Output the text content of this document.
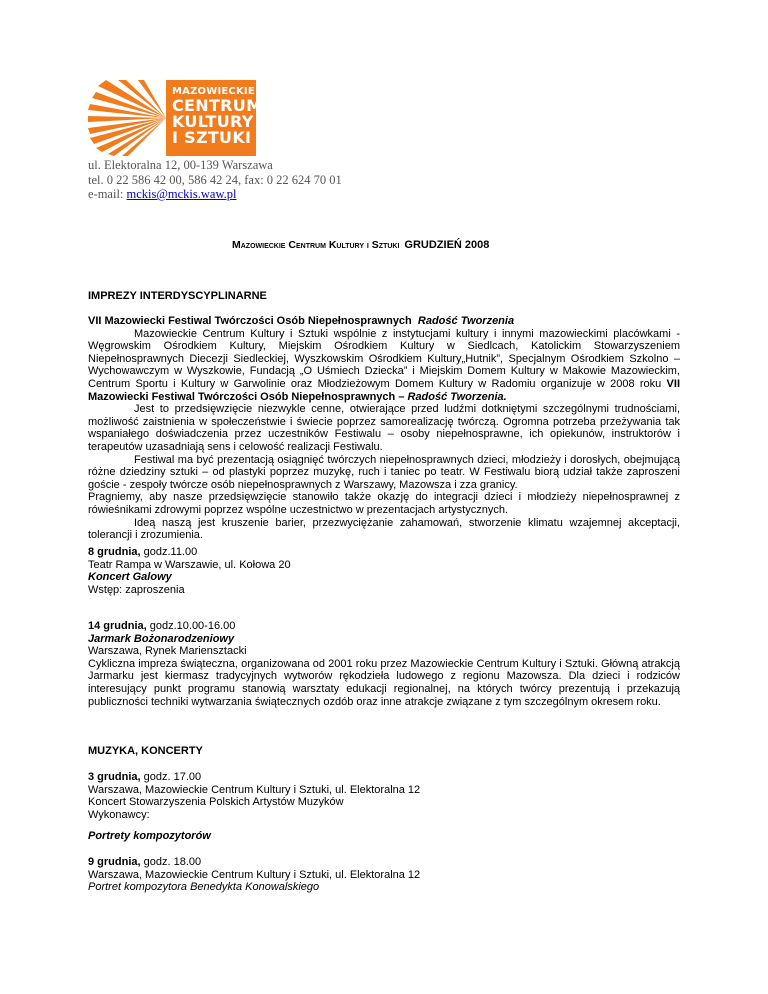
MAZOWIECKIE
CENTRUM
KULTURY
I SZTUKI
ul. Elektoralna 12, 00-139 Warszawa
tel. 0 22 586 42 00, 586 42 24, fax: 0 22 624 70 01
e-mail: mckis@mckis.waw.pl
Mazowieckie Centrum Kultury i Sztuki GRUDZIEŃ 2008
IMPREZY INTERDYSCYPLINARNE

VII Mazowiecki Festiwal Twórczości Osób Niepełnosprawnych Radość Tworzenia

Mazowieckie Centrum Kultury i Sztuki wspólnie z instytucjami kultury i innymi mazowieckimi placówkami - Węgrowskim Ośrodkiem Kultury, Miejskim Ośrodkiem Kultury w Siedlcach, Katolickim Stowarzyszeniem Niepełnosprawnych Diecezji Siedleckiej, Wyszkowskim Ośrodkiem Kultury„Hutnik”, Specjalnym Ośrodkiem Szkolno – Wychowawczym w Wyszkowie, Fundacją „O Uśmiech Dziecka” i Miejskim Domem Kultury w Makowie Mazowieckim, Centrum Sportu i Kultury w Garwolinie oraz Młodzieżowym Domem Kultury w Radomiu organizuje w 2008 roku VII Mazowiecki Festiwal Twórczości Osób Niepełnosprawnych – Radość Tworzenia.

Jest to przedsięwzięcie niezwykle cenne, otwierające przed ludźmi dotkniętymi szczególnymi trudnościami, możliwość zaistnienia w społeczeństwie i świecie poprzez samorealizację twórczą. Ogromna potrzeba przeżywania tak wspaniałego doświadczenia przez uczestników Festiwalu – osoby niepełnosprawne, ich opiekunów, instruktorów i terapeutów uzasadniają sens i celowość realizacji Festiwalu.

Festiwal ma być prezentacją osiągnięć twórczych niepełnosprawnych dzieci, młodzieży i dorosłych, obejmującą różne dziedziny sztuki – od plastyki poprzez muzykę, ruch i taniec po teatr. W Festiwalu biorą udział także zaproszeni goście - zespoły twórcze osób niepełnosprawnych z Warszawy, Mazowsza i zza granicy.

Pragniemy, aby nasze przedsięwzięcie stanowiło także okazję do integracji dzieci i młodzieży niepełnosprawnej z rówieśnikami zdrowymi poprzez wspólne uczestnictwo w prezentacjach artystycznych.

Ideą naszą jest kruszenie barier, przezwyciężanie zahamowań, stworzenie klimatu wzajemnej akceptacji, tolerancji i zrozumienia.

8 grudnia, godz.11.00

Teatr Rampa w Warszawie, ul. Kołowa 20

Koncert Galowy

Wstęp: zaproszenia

14 grudnia, godz.10.00-16.00

Jarmark Bożonarodzeniowy

Warszawa, Rynek Mariensztacki

Cykliczna impreza świąteczna, organizowana od 2001 roku przez Mazowieckie Centrum Kultury i Sztuki. Główną atrakcją Jarmarku jest kiermasz tradycyjnych wytworów rękodzieła ludowego z regionu Mazowsza. Dla dzieci i rodziców interesujący punkt programu stanowią warsztaty edukacji regionalnej, na których twórcy prezentują i przekazują publiczności techniki wytwarzania świątecznych ozdób oraz inne atrakcje związane z tym szczególnym okresem roku.

MUZYKA, KONCERTY

3 grudnia, godz. 17.00

Warszawa, Mazowieckie Centrum Kultury i Sztuki, ul. Elektoralna 12

Koncert Stowarzyszenia Polskich Artystów Muzyków

Wykonawcy:

Portrety kompozytorów

9 grudnia, godz. 18.00

Warszawa, Mazowieckie Centrum Kultury i Sztuki, ul. Elektoralna 12

Portret kompozytora Benedykta Konowalskiego
